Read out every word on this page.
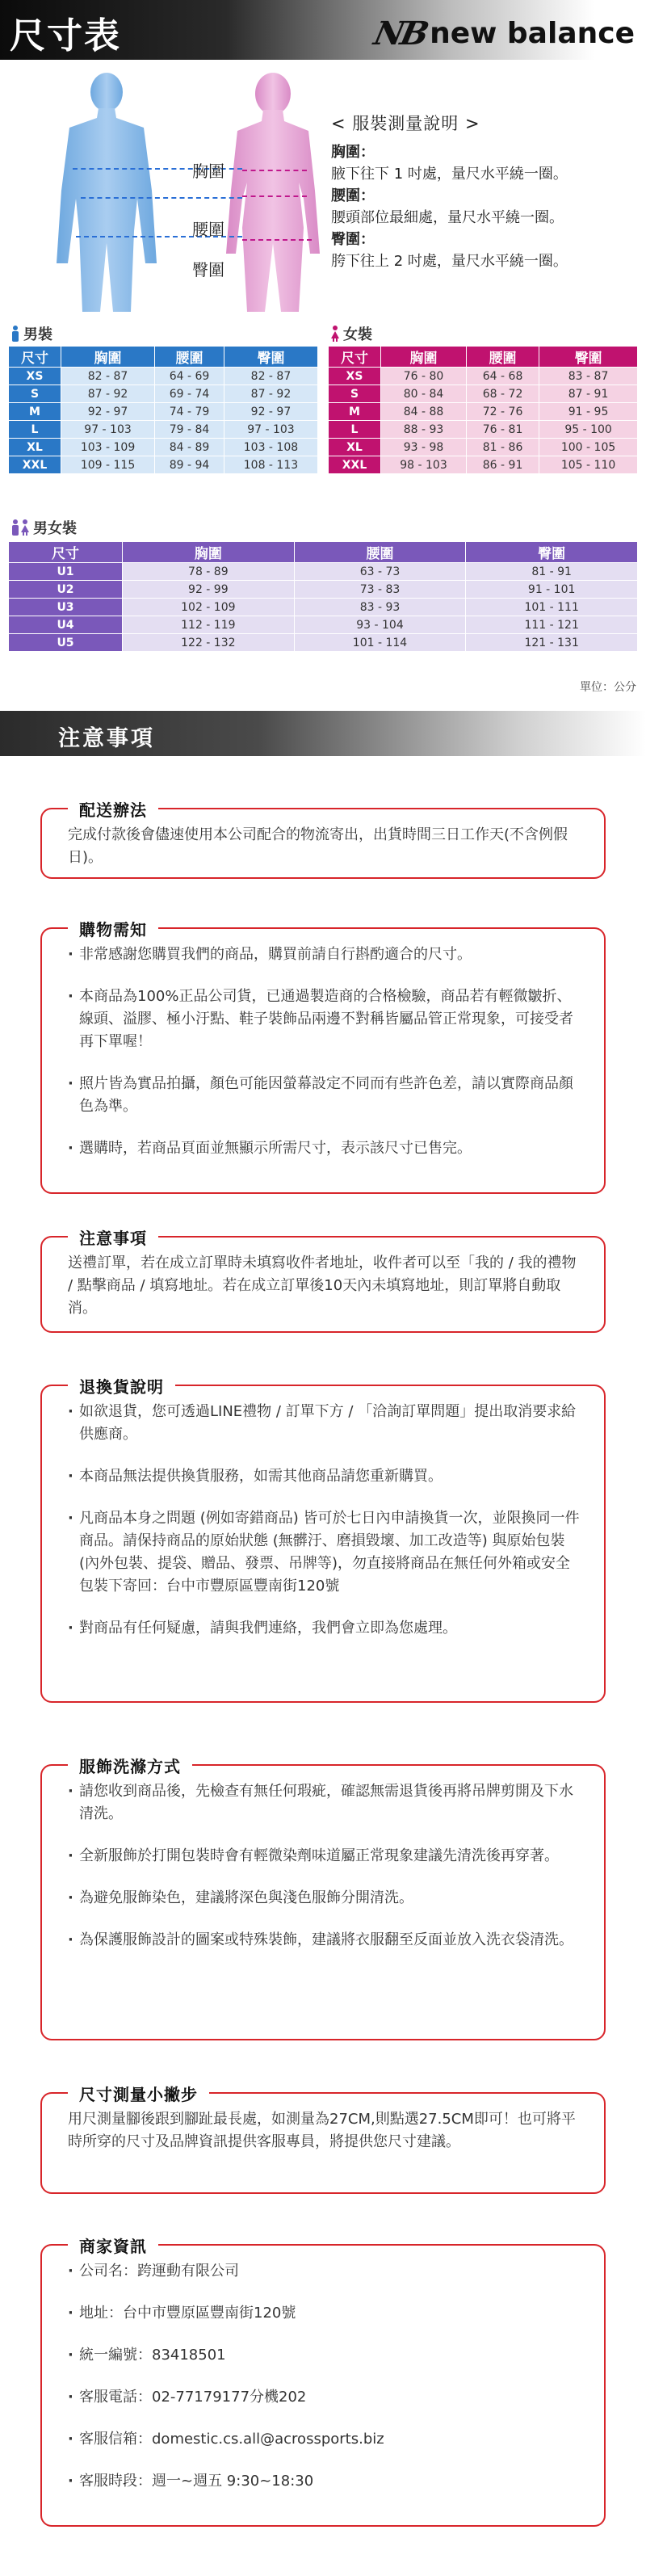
尺寸表	NB new balance
胸圍
腰圍
臀圍
< 服裝測量說明 >
胸圍：
腋下往下 1 吋處，量尺水平繞一圈。
腰圍：
腰頭部位最細處，量尺水平繞一圈。
臀圍：
胯下往上 2 吋處，量尺水平繞一圈。
男裝
尺寸	胸圍	腰圍	臀圍
XS	82 - 87	64 - 69	82 - 87
S	87 - 92	69 - 74	87 - 92
M	92 - 97	74 - 79	92 - 97
L	97 - 103	79 - 84	97 - 103
XL	103 - 109	84 - 89	103 - 108
XXL	109 - 115	89 - 94	108 - 113
女裝
尺寸	胸圍	腰圍	臀圍
XS	76 - 80	64 - 68	83 - 87
S	80 - 84	68 - 72	87 - 91
M	84 - 88	72 - 76	91 - 95
L	88 - 93	76 - 81	95 - 100
XL	93 - 98	81 - 86	100 - 105
XXL	98 - 103	86 - 91	105 - 110
男女裝
尺寸	胸圍	腰圍	臀圍
U1	78 - 89	63 - 73	81 - 91
U2	92 - 99	73 - 83	91 - 101
U3	102 - 109	83 - 93	101 - 111
U4	112 - 119	93 - 104	111 - 121
U5	122 - 132	101 - 114	121 - 131
單位：公分
注意事項
配送辦法

完成付款後會儘速使用本公司配合的物流寄出，出貨時間三日工作天(不含例假日)。

購物需知

· 非常感謝您購買我們的商品，購買前請自行斟酌適合的尺寸。

· 本商品為100%正品公司貨，已通過製造商的合格檢驗，商品若有輕微皺折、線頭、溢膠、極小汙點、鞋子裝飾品兩邊不對稱皆屬品管正常現象，可接受者再下單喔！

· 照片皆為實品拍攝，顏色可能因螢幕設定不同而有些許色差，請以實際商品顏色為準。

· 選購時，若商品頁面並無顯示所需尺寸，表示該尺寸已售完。

注意事項

送禮訂單，若在成立訂單時未填寫收件者地址，收件者可以至「我的 / 我的禮物 / 點擊商品 / 填寫地址。若在成立訂單後10天內未填寫地址，則訂單將自動取消。

退換貨說明

· 如欲退貨，您可透過LINE禮物 / 訂單下方 / 「洽詢訂單問題」提出取消要求給供應商。

· 本商品無法提供換貨服務，如需其他商品請您重新購買。

· 凡商品本身之問題 (例如寄錯商品) 皆可於七日內申請換貨一次，並限換同一件商品。請保持商品的原始狀態 (無髒汙、磨損毀壞、加工改造等) 與原始包裝 (內外包裝、提袋、贈品、發票、吊牌等)，勿直接將商品在無任何外箱或安全包裝下寄回：台中市豐原區豐南街120號

· 對商品有任何疑慮，請與我們連絡，我們會立即為您處理。

服飾洗滌方式

· 請您收到商品後，先檢查有無任何瑕疵，確認無需退貨後再將吊牌剪開及下水清洗。

· 全新服飾於打開包裝時會有輕微染劑味道屬正常現象建議先清洗後再穿著。

· 為避免服飾染色，建議將深色與淺色服飾分開清洗。

· 為保護服飾設計的圖案或特殊裝飾，建議將衣服翻至反面並放入洗衣袋清洗。

尺寸測量小撇步

用尺測量腳後跟到腳趾最長處，如測量為27CM,則點選27.5CM即可！也可將平時所穿的尺寸及品牌資訊提供客服專員，將提供您尺寸建議。

商家資訊

· 公司名：跨運動有限公司

· 地址：台中市豐原區豐南街120號

· 統一編號：83418501

· 客服電話：02-77179177分機202

· 客服信箱：domestic.cs.all@acrossports.biz

· 客服時段：週一~週五 9:30~18:30
